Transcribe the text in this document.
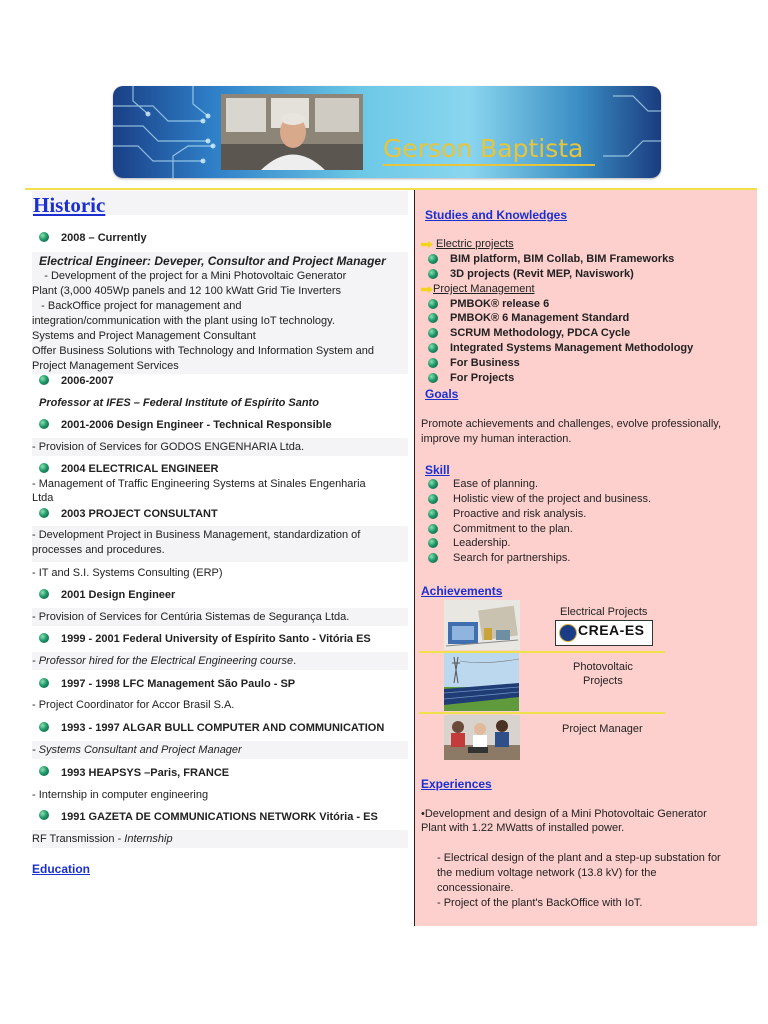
Gerson Baptista
Historic
2008 – Currently
Electrical Engineer: Deveper, Consultor and Project Manager
- Development of the project for a Mini Photovoltaic Generator
Plant (3,000 405Wp panels and 12 100 kWatt Grid Tie Inverters
- BackOffice project for management and
integration/communication with the plant using IoT technology.
Systems and Project Management Consultant
Offer Business Solutions with Technology and Information System and
Project Management Services
2006-2007
Professor at IFES – Federal Institute of Espírito Santo
2001-2006 Design Engineer - Technical Responsible
- Provision of Services for GODOS ENGENHARIA Ltda.
2004 ELECTRICAL ENGINEER
- Management of Traffic Engineering Systems at Sinales Engenharia
Ltda
2003 PROJECT CONSULTANT
- Development Project in Business Management, standardization of
processes and procedures.
- IT and S.I. Systems Consulting (ERP)
2001 Design Engineer
- Provision of Services for Centúria Sistemas de Segurança Ltda.
1999 - 2001 Federal University of Espírito Santo - Vitória ES
- Professor hired for the Electrical Engineering course.
1997 - 1998 LFC Management São Paulo - SP
- Project Coordinator for Accor Brasil S.A.
1993 - 1997 ALGAR BULL COMPUTER AND COMMUNICATION
- Systems Consultant and Project Manager
1993 HEAPSYS –Paris, FRANCE
- Internship in computer engineering
1991 GAZETA DE COMMUNICATIONS NETWORK Vitória - ES
RF Transmission - Internship
Education
Studies and Knowledges
Electric projects
BIM platform, BIM Collab, BIM Frameworks
3D projects (Revit MEP, Naviswork)
Project Management
PMBOK® release 6
PMBOK® 6 Management Standard
SCRUM Methodology, PDCA Cycle
Integrated Systems Management Methodology
For Business
For Projects
Goals
Promote achievements and challenges, evolve professionally,
improve my human interaction.
Skill
Ease of planning.
Holistic view of the project and business.
Proactive and risk analysis.
Commitment to the plan.
Leadership.
Search for partnerships.
Achievements
Electrical Projects
CREA-ES
Photovoltaic
Projects
Project Manager
Experiences
•Development and design of a Mini Photovoltaic Generator
Plant with 1.22 MWatts of installed power.
- Electrical design of the plant and a step-up substation for
the medium voltage network (13.8 kV) for the
concessionaire.
- Project of the plant's BackOffice with IoT.
